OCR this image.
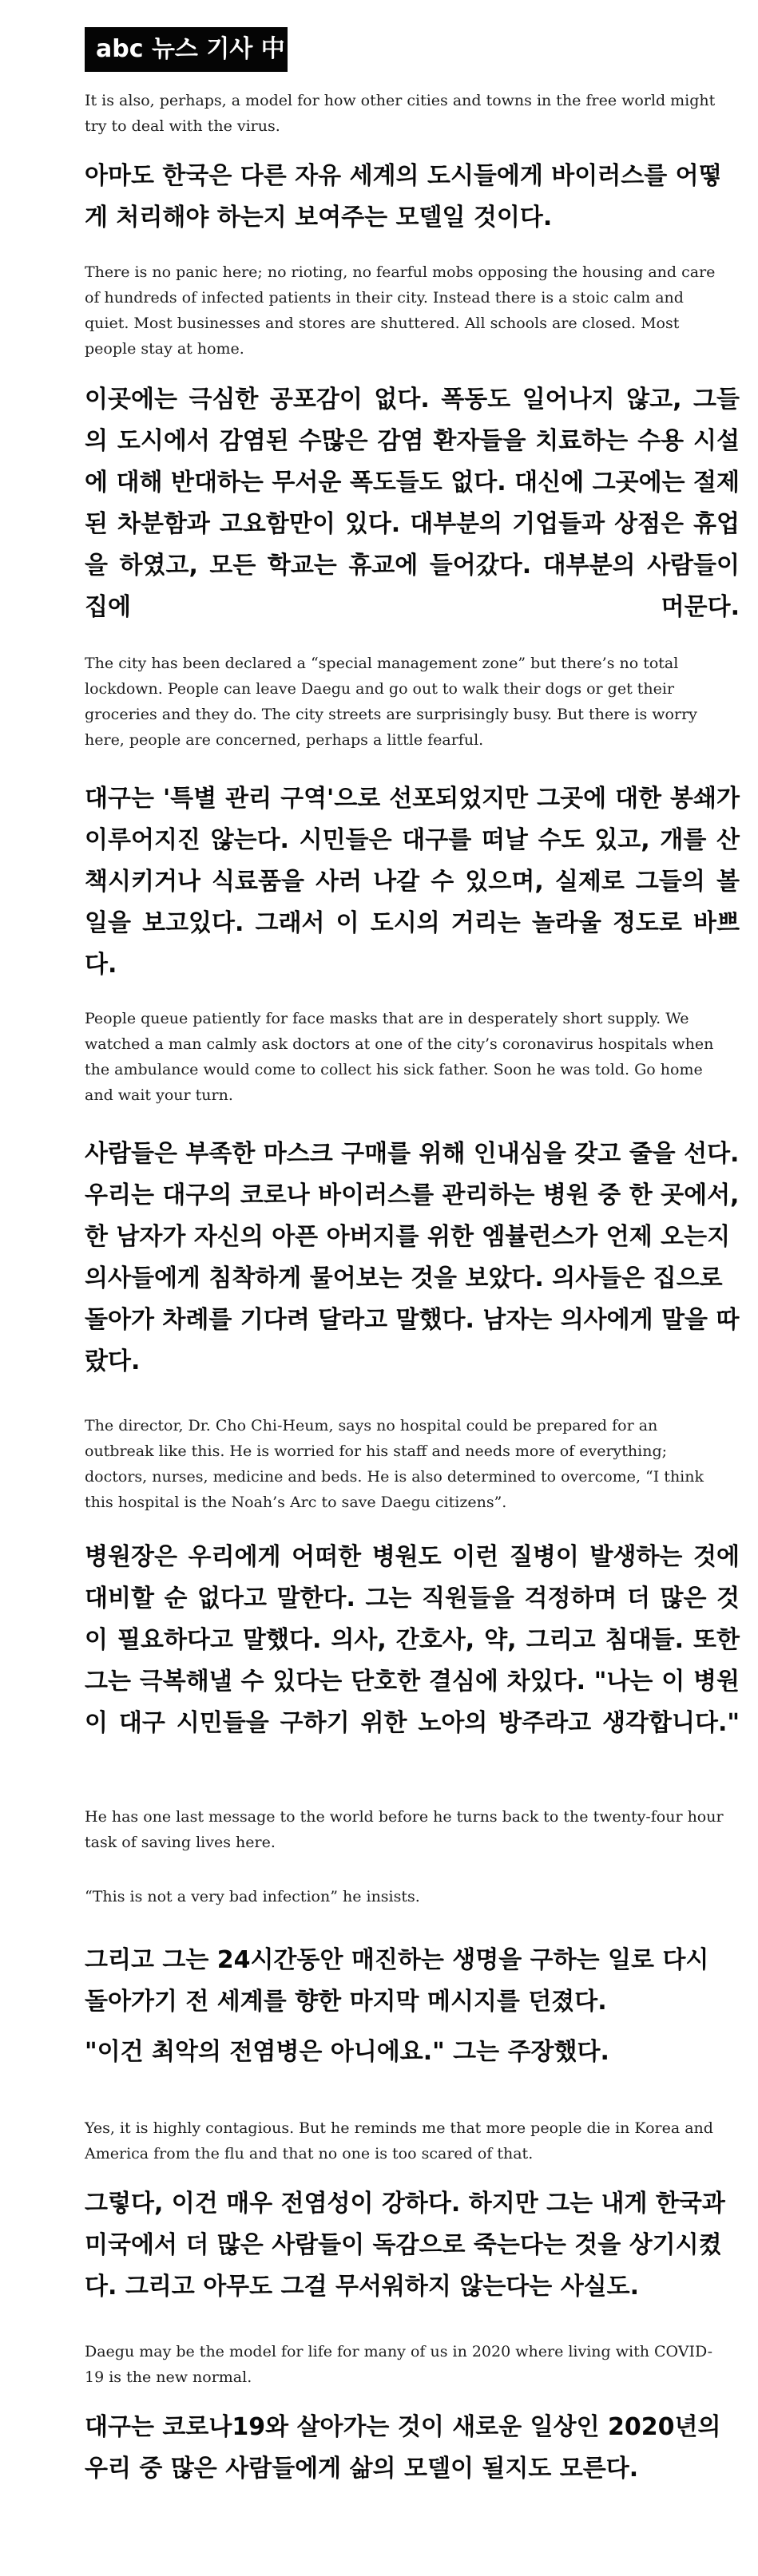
abc 뉴스 기사 中

It is also, perhaps, a model for how other cities and towns in the free world might try to deal with the virus.

아마도 한국은 다른 자유 세계의 도시들에게 바이러스를 어떻게 처리해야 하는지 보여주는 모델일 것이다.

There is no panic here; no rioting, no fearful mobs opposing the housing and care of hundreds of infected patients in their city. Instead there is a stoic calm and quiet. Most businesses and stores are shuttered. All schools are closed. Most people stay at home.

이곳에는 극심한 공포감이 없다. 폭동도 일어나지 않고, 그들의 도시에서 감염된 수많은 감염 환자들을 치료하는 수용 시설에 대해 반대하는 무서운 폭도들도 없다. 대신에 그곳에는 절제된 차분함과 고요함만이 있다. 대부분의 기업들과 상점은 휴업을 하였고, 모든 학교는 휴교에 들어갔다. 대부분의 사람들이 집에 머문다.

The city has been declared a “special management zone” but there’s no total lockdown. People can leave Daegu and go out to walk their dogs or get their groceries and they do. The city streets are surprisingly busy. But there is worry here, people are concerned, perhaps a little fearful.

대구는 '특별 관리 구역'으로 선포되었지만 그곳에 대한 봉쇄가 이루어지진 않는다. 시민들은 대구를 떠날 수도 있고, 개를 산책시키거나 식료품을 사러 나갈 수 있으며, 실제로 그들의 볼 일을 보고있다. 그래서 이 도시의 거리는 놀라울 정도로 바쁘다.

People queue patiently for face masks that are in desperately short supply. We watched a man calmly ask doctors at one of the city’s coronavirus hospitals when the ambulance would come to collect his sick father. Soon he was told. Go home and wait your turn.

사람들은 부족한 마스크 구매를 위해 인내심을 갖고 줄을 선다. 우리는 대구의 코로나 바이러스를 관리하는 병원 중 한 곳에서, 한 남자가 자신의 아픈 아버지를 위한 엠뷸런스가 언제 오는지 의사들에게 침착하게 물어보는 것을 보았다. 의사들은 집으로 돌아가 차례를 기다려 달라고 말했다. 남자는 의사에게 말을 따랐다.

The director, Dr. Cho Chi-Heum, says no hospital could be prepared for an outbreak like this. He is worried for his staff and needs more of everything; doctors, nurses, medicine and beds. He is also determined to overcome, “I think this hospital is the Noah’s Arc to save Daegu citizens”.

병원장은 우리에게 어떠한 병원도 이런 질병이 발생하는 것에 대비할 순 없다고 말한다. 그는 직원들을 걱정하며 더 많은 것이 필요하다고 말했다. 의사, 간호사, 약, 그리고 침대들. 또한 그는 극복해낼 수 있다는 단호한 결심에 차있다. "나는 이 병원이 대구 시민들을 구하기 위한 노아의 방주라고 생각합니다."

He has one last message to the world before he turns back to the twenty-four hour task of saving lives here.

“This is not a very bad infection” he insists.

그리고 그는 24시간동안 매진하는 생명을 구하는 일로 다시 돌아가기 전 세계를 향한 마지막 메시지를 던졌다.

"이건 최악의 전염병은 아니에요." 그는 주장했다.

Yes, it is highly contagious. But he reminds me that more people die in Korea and America from the flu and that no one is too scared of that.

그렇다, 이건 매우 전염성이 강하다. 하지만 그는 내게 한국과 미국에서 더 많은 사람들이 독감으로 죽는다는 것을 상기시켰다. 그리고 아무도 그걸 무서워하지 않는다는 사실도.

Daegu may be the model for life for many of us in 2020 where living with COVID-19 is the new normal.

대구는 코로나19와 살아가는 것이 새로운 일상인 2020년의 우리 중 많은 사람들에게 삶의 모델이 될지도 모른다.
